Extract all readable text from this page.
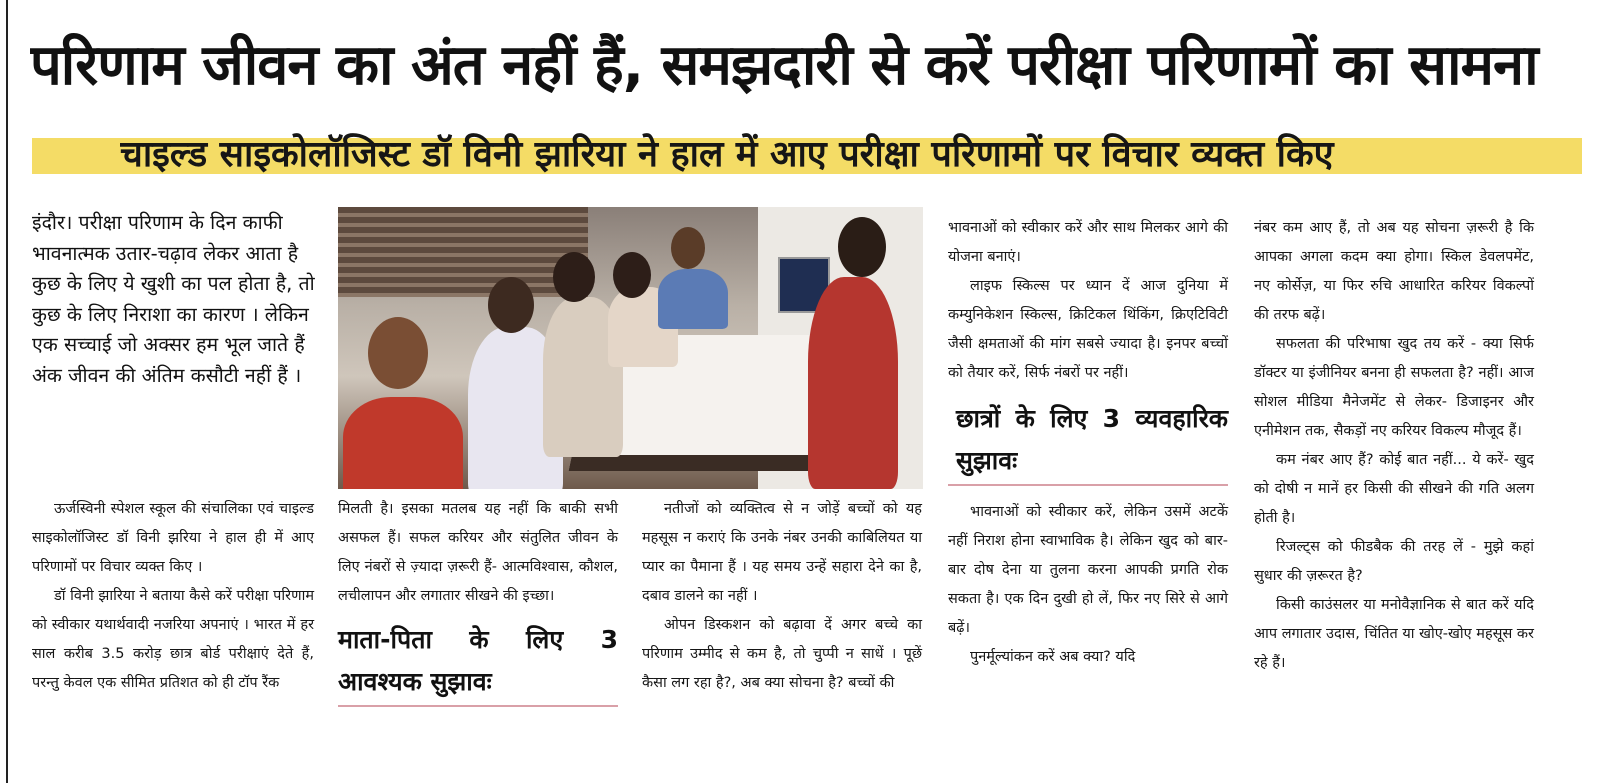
परिणाम जीवन का अंत नहीं हैं, समझदारी से करें परीक्षा परिणामों का सामना
चाइल्ड साइकोलॉजिस्ट डॉ विनी झारिया ने हाल में आए परीक्षा परिणामों पर विचार व्यक्त किए
इंदौर। परीक्षा परिणाम के दिन काफी भावनात्मक उतार-चढ़ाव लेकर आता है कुछ के लिए ये खुशी का पल होता है, तो कुछ के लिए निराशा का कारण । लेकिन एक सच्चाई जो अक्सर हम भूल जाते हैं अंक जीवन की अंतिम कसौटी नहीं हैं ।

ऊर्जस्विनी स्पेशल स्कूल की संचालिका एवं चाइल्ड साइकोलॉजिस्ट डॉ विनी झरिया ने हाल ही में आए परिणामों पर विचार व्यक्त किए ।

डॉ विनी झारिया ने बताया कैसे करें परीक्षा परिणाम को स्वीकार यथार्थवादी नजरिया अपनाएं । भारत में हर साल करीब 3.5 करोड़ छात्र बोर्ड परीक्षाएं देते हैं, परन्तु केवल एक सीमित प्रतिशत को ही टॉप रैंक

मिलती है। इसका मतलब यह नहीं कि बाकी सभी असफल हैं। सफल करियर और संतुलित जीवन के लिए नंबरों से ज़्यादा ज़रूरी हैं- आत्मविश्वास, कौशल, लचीलापन और लगातार सीखने की इच्छा।

माता-पिता के लिए 3 आवश्यक सुझावः

नतीजों को व्यक्तित्व से न जोड़ें बच्चों को यह महसूस न कराएं कि उनके नंबर उनकी काबिलियत या प्यार का पैमाना हैं । यह समय उन्हें सहारा देने का है, दबाव डालने का नहीं ।

ओपन डिस्कशन को बढ़ावा दें अगर बच्चे का परिणाम उम्मीद से कम है, तो चुप्पी न साधें । पूछें कैसा लग रहा है?, अब क्या सोचना है? बच्चों की

भावनाओं को स्वीकार करें और साथ मिलकर आगे की योजना बनाएं।

लाइफ स्किल्स पर ध्यान दें आज दुनिया में कम्युनिकेशन स्किल्स, क्रिटिकल थिंकिंग, क्रिएटिविटी जैसी क्षमताओं की मांग सबसे ज्यादा है। इनपर बच्चों को तैयार करें, सिर्फ नंबरों पर नहीं।

छात्रों के लिए 3 व्यवहारिक सुझावः

भावनाओं को स्वीकार करें, लेकिन उसमें अटकें नहीं निराश होना स्वाभाविक है। लेकिन खुद को बार-बार दोष देना या तुलना करना आपकी प्रगति रोक सकता है। एक दिन दुखी हो लें, फिर नए सिरे से आगे बढ़ें।

पुनर्मूल्यांकन करें अब क्या? यदि

नंबर कम आए हैं, तो अब यह सोचना ज़रूरी है कि आपका अगला कदम क्या होगा। स्किल डेवलपमेंट, नए कोर्सेज़, या फिर रुचि आधारित करियर विकल्पों की तरफ बढ़ें।

सफलता की परिभाषा खुद तय करें - क्या सिर्फ डॉक्टर या इंजीनियर बनना ही सफलता है? नहीं। आज सोशल मीडिया मैनेजमेंट से लेकर- डिजाइनर और एनीमेशन तक, सैकड़ों नए करियर विकल्प मौजूद हैं।

कम नंबर आए हैं? कोई बात नहीं... ये करें- खुद को दोषी न मानें हर किसी की सीखने की गति अलग होती है।

रिजल्ट्स को फीडबैक की तरह लें - मुझे कहां सुधार की ज़रूरत है?

किसी काउंसलर या मनोवैज्ञानिक से बात करें यदि आप लगातार उदास, चिंतित या खोए-खोए महसूस कर रहे हैं।
